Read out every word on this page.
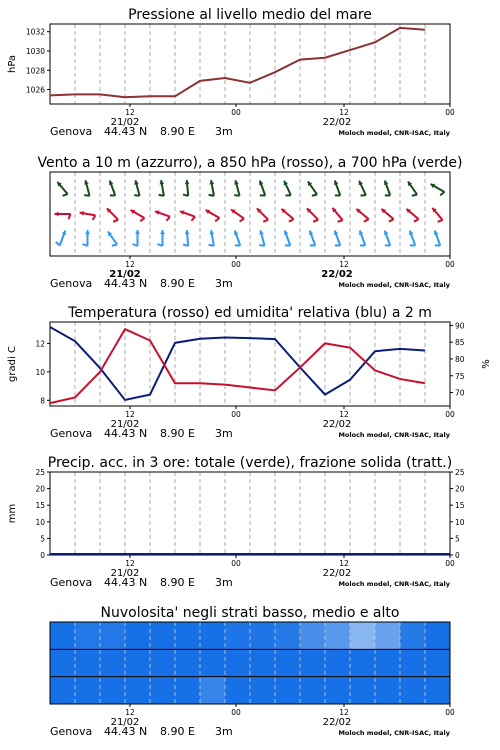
12	00	12	00
21/02	22/02
Genova 44.43 N 8.90 E 3m	Moloch model, CNR-ISAC, Italy
Pressione al livello medio del mare
1026
1028
1030
1032
hPa
12	00	12	00
21/02	22/02
Genova 44.43 N 8.90 E 3m	Moloch model, CNR-ISAC, Italy
Vento a 10 m (azzurro), a 850 hPa (rosso), a 700 hPa (verde)
12	00	12	00
21/02	22/02
Genova 44.43 N 8.90 E 3m	Moloch model, CNR-ISAC, Italy
Temperatura (rosso) ed umidita' relativa (blu) a 2 m
8
10
12
70
75
80
85
90
gradi C	%
12	00	12	00
21/02	22/02
Genova 44.43 N 8.90 E 3m	Moloch model, CNR-ISAC, Italy
Precip. acc. in 3 ore: totale (verde), frazione solida (tratt.)
0	0
5	5
10	10
15	15
20	20
25	25
mm
12	00	12	00
21/02	22/02
Genova 44.43 N 8.90 E 3m	Moloch model, CNR-ISAC, Italy
Nuvolosita' negli strati basso, medio e alto
